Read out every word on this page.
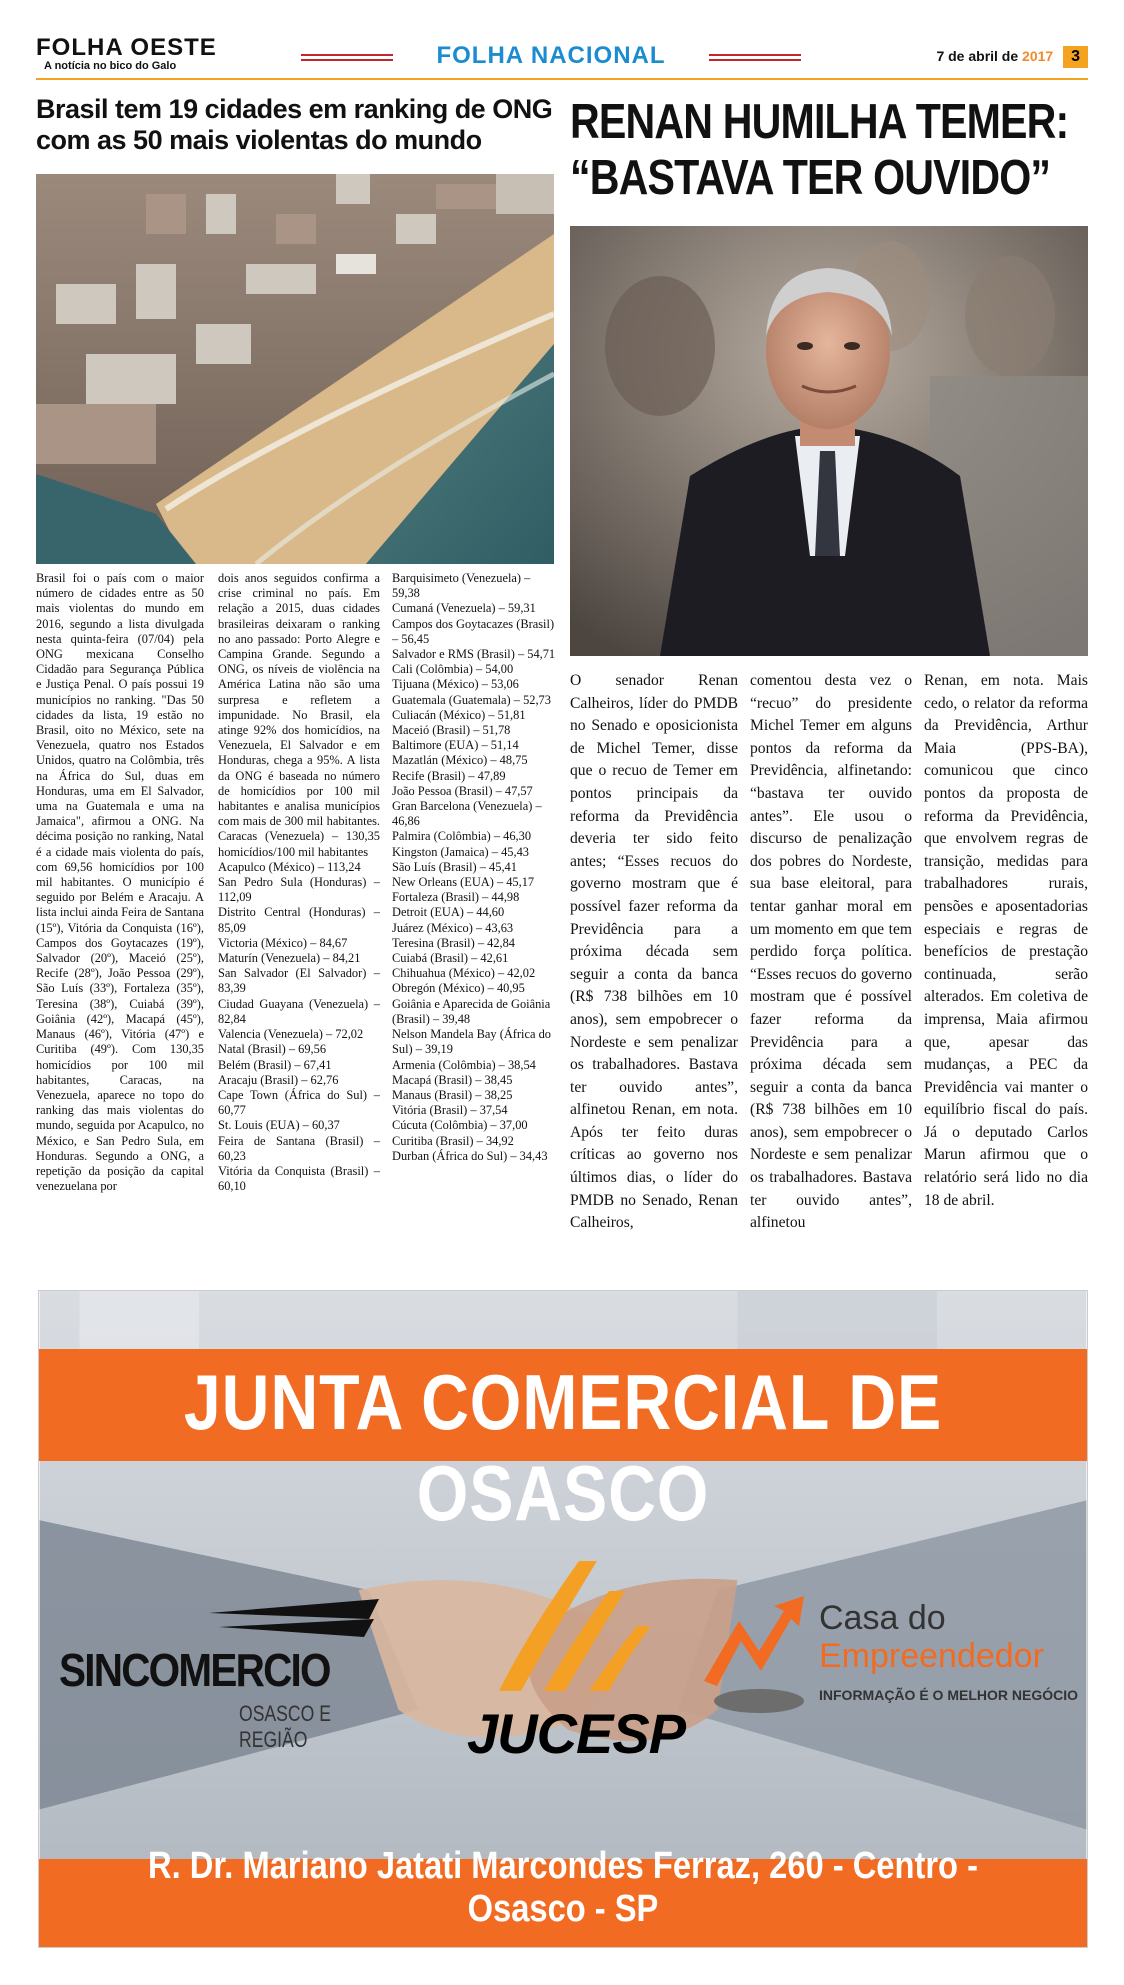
FOLHA OESTE
A notícia no bico do Galo	FOLHA NACIONAL	7 de abril de 2017 3
Brasil tem 19 cidades em ranking de ONG com as 50 mais violentas do mundo

Brasil foi o país com o maior número de cidades entre as 50 mais violentas do mundo em 2016, segundo a lista divulgada nesta quinta-feira (07/04) pela ONG mexicana Conselho Cidadão para Segurança Pública e Justiça Penal. O país possui 19 municípios no ranking. "Das 50 cidades da lista, 19 estão no Brasil, oito no México, sete na Venezuela, quatro nos Estados Unidos, quatro na Colômbia, três na África do Sul, duas em Honduras, uma em El Salvador, uma na Guatemala e uma na Jamaica", afirmou a ONG. Na décima posição no ranking, Natal é a cidade mais violenta do país, com 69,56 homicídios por 100 mil habitantes. O município é seguido por Belém e Aracaju. A lista inclui ainda Feira de Santana (15º), Vitória da Conquista (16º), Campos dos Goytacazes (19º), Salvador (20º), Maceió (25º), Recife (28º), João Pessoa (29º), São Luís (33º), Fortaleza (35º), Teresina (38º), Cuiabá (39º), Goiânia (42º), Macapá (45º), Manaus (46º), Vitória (47º) e Curitiba (49º). Com 130,35 homicídios por 100 mil habitantes, Caracas, na Venezuela, aparece no topo do ranking das mais violentas do mundo, seguida por Acapulco, no México, e San Pedro Sula, em Honduras. Segundo a ONG, a repetição da posição da capital venezuelana por

dois anos seguidos confirma a crise criminal no país. Em relação a 2015, duas cidades brasileiras deixaram o ranking no ano passado: Porto Alegre e Campina Grande. Segundo a ONG, os níveis de violência na América Latina não são uma surpresa e refletem a impunidade. No Brasil, ela atinge 92% dos homicídios, na Venezuela, El Salvador e em Honduras, chega a 95%. A lista da ONG é baseada no número de homicídios por 100 mil habitantes e analisa municípios com mais de 300 mil habitantes. Caracas (Venezuela) – 130,35 homicídios/100 mil habitantes

Acapulco (México) – 113,24
San Pedro Sula (Honduras) – 112,09
Distrito Central (Honduras) – 85,09
Victoria (México) – 84,67
Maturín (Venezuela) – 84,21
San Salvador (El Salvador) – 83,39
Ciudad Guayana (Venezuela) – 82,84
Valencia (Venezuela) – 72,02
Natal (Brasil) – 69,56
Belém (Brasil) – 67,41
Aracaju (Brasil) – 62,76
Cape Town (África do Sul) – 60,77
St. Louis (EUA) – 60,37
Feira de Santana (Brasil) – 60,23
Vitória da Conquista (Brasil) – 60,10
Barquisimeto (Venezuela) – 59,38
Cumaná (Venezuela) – 59,31
Campos dos Goytacazes (Brasil) – 56,45
Salvador e RMS (Brasil) – 54,71
Cali (Colômbia) – 54,00
Tijuana (México) – 53,06
Guatemala (Guatemala) – 52,73
Culiacán (México) – 51,81
Maceió (Brasil) – 51,78
Baltimore (EUA) – 51,14
Mazatlán (México) – 48,75
Recife (Brasil) – 47,89
João Pessoa (Brasil) – 47,57
Gran Barcelona (Venezuela) – 46,86
Palmira (Colômbia) – 46,30
Kingston (Jamaica) – 45,43
São Luís (Brasil) – 45,41
New Orleans (EUA) – 45,17
Fortaleza (Brasil) – 44,98
Detroit (EUA) – 44,60
Juárez (México) – 43,63
Teresina (Brasil) – 42,84
Cuiabá (Brasil) – 42,61
Chihuahua (México) – 42,02
Obregón (México) – 40,95
Goiânia e Aparecida de Goiânia (Brasil) – 39,48
Nelson Mandela Bay (África do Sul) – 39,19
Armenia (Colômbia) – 38,54
Macapá (Brasil) – 38,45
Manaus (Brasil) – 38,25
Vitória (Brasil) – 37,54
Cúcuta (Colômbia) – 37,00
Curitiba (Brasil) – 34,92
Durban (África do Sul) – 34,43
RENAN HUMILHA TEMER:
“BASTAVA TER OUVIDO”

O senador Renan Calheiros, líder do PMDB no Senado e oposicionista de Michel Temer, disse que o recuo de Temer em pontos principais da reforma da Previdência deveria ter sido feito antes; “Esses recuos do governo mostram que é possível fazer reforma da Previdência para a próxima década sem seguir a conta da banca (R$ 738 bilhões em 10 anos), sem empobrecer o Nordeste e sem penalizar os trabalhadores. Bastava ter ouvido antes”, alfinetou Renan, em nota. Após ter feito duras críticas ao governo nos últimos dias, o líder do PMDB no Senado, Renan Calheiros,

comentou desta vez o “recuo” do presidente Michel Temer em alguns pontos da reforma da Previdência, alfinetando: “bastava ter ouvido antes”. Ele usou o discurso de penalização dos pobres do Nordeste, sua base eleitoral, para tentar ganhar moral em um momento em que tem perdido força política. “Esses recuos do governo mostram que é possível fazer reforma da Previdência para a próxima década sem seguir a conta da banca (R$ 738 bilhões em 10 anos), sem empobrecer o Nordeste e sem penalizar os trabalhadores. Bastava ter ouvido antes”, alfinetou

Renan, em nota. Mais cedo, o relator da reforma da Previdência, Arthur Maia (PPS-BA), comunicou que cinco pontos da proposta de reforma da Previdência, que envolvem regras de transição, medidas para trabalhadores rurais, pensões e aposentadorias especiais e regras de benefícios de prestação continuada, serão alterados. Em coletiva de imprensa, Maia afirmou que, apesar das mudanças, a PEC da Previdência vai manter o equilíbrio fiscal do país. Já o deputado Carlos Marun afirmou que o relatório será lido no dia 18 de abril.

JUNTA COMERCIAL DE OSASCO
SINCOMERCIO
OSASCO E REGIÃO	JUCESP
Casa do
Empreendedor
INFORMAÇÃO É O MELHOR NEGÓCIO
R. Dr. Mariano Jatati Marcondes Ferraz, 260 - Centro - Osasco - SP
